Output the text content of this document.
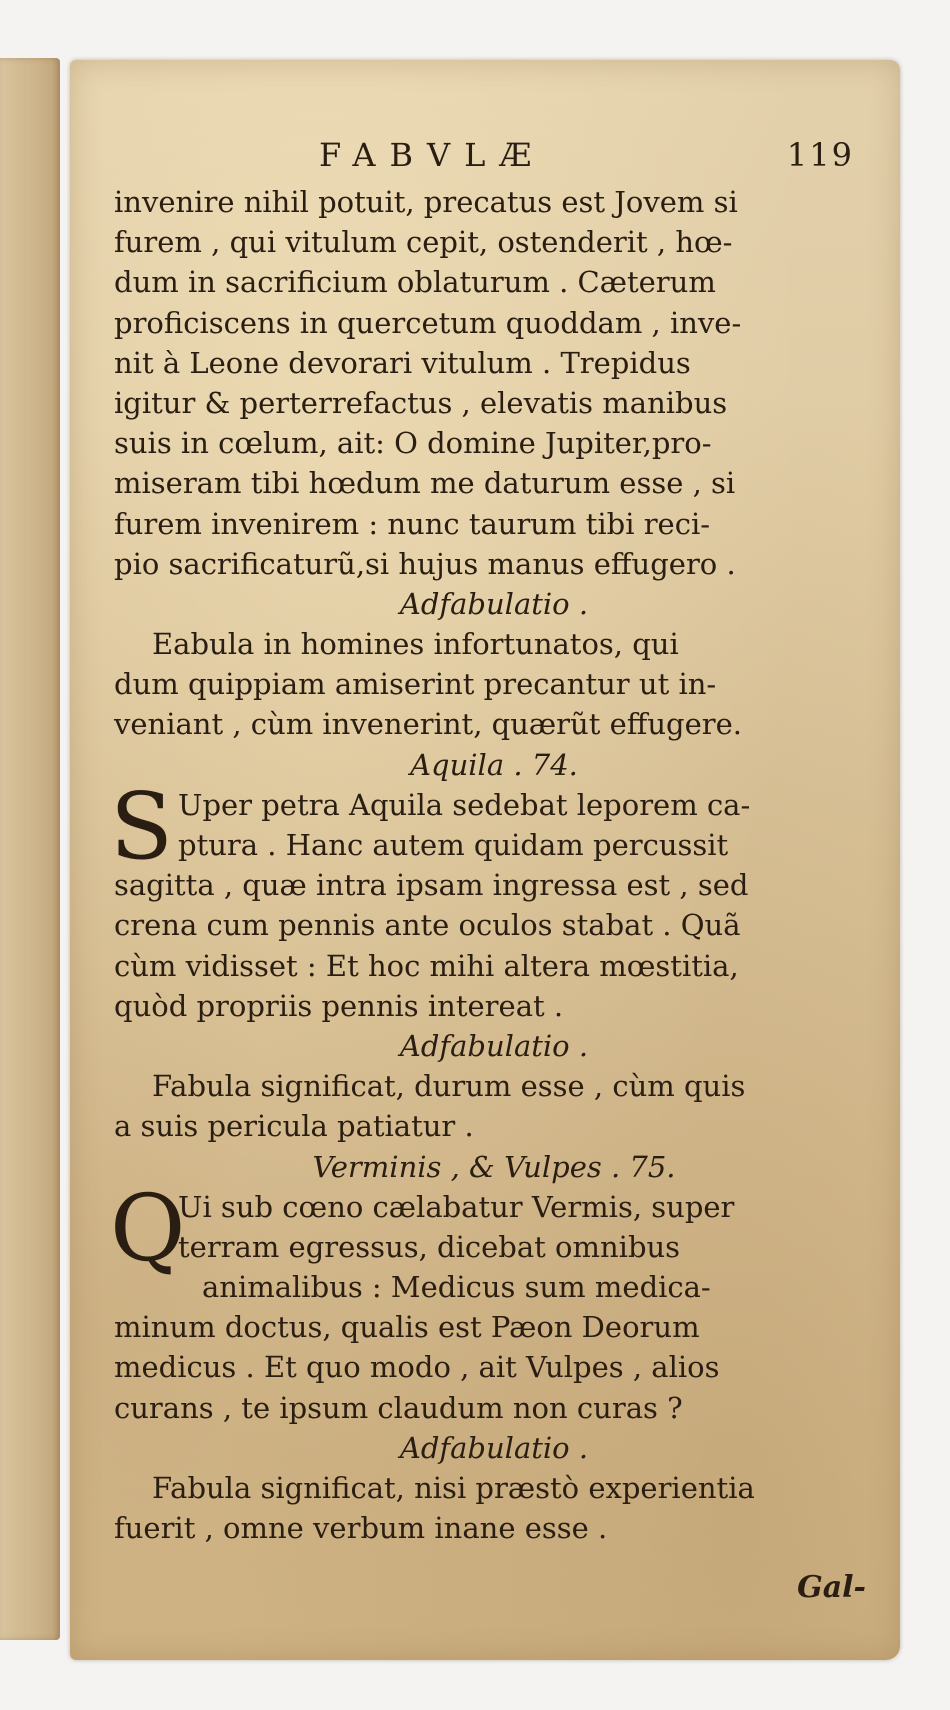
FABVLÆ	119
invenire nihil potuit, precatus est Jovem si
furem , qui vitulum cepit, ostenderit , hœ-
dum in sacrificium oblaturum . Cæterum
proficiscens in quercetum quoddam , inve-
nit à Leone devorari vitulum . Trepidus
igitur & perterrefactus , elevatis manibus
suis in cœlum, ait: O domine Jupiter,pro-
miseram tibi hœdum me daturum esse , si
furem invenirem : nunc taurum tibi reci-
pio sacrificaturũ,si hujus manus effugero .
Adfabulatio .
Eabula in homines infortunatos, qui
dum quippiam amiserint precantur ut in-
veniant , cùm invenerint, quærũt effugere.
Aquila . 74.
S Uper petra Aquila sedebat leporem ca-
ptura . Hanc autem quidam percussit
sagitta , quæ intra ipsam ingressa est , sed
crena cum pennis ante oculos stabat . Quã
cùm vidisset : Et hoc mihi altera mœstitia,
quòd propriis pennis intereat .
Adfabulatio .
Fabula significat, durum esse , cùm quis
a suis pericula patiatur .
Verminis , & Vulpes . 75.
Q
Ui sub cœno cælabatur Vermis, super
terram egressus, dicebat omnibus
animalibus : Medicus sum medica-
minum doctus, qualis est Pæon Deorum
medicus . Et quo modo , ait Vulpes , alios
curans , te ipsum claudum non curas ?
Adfabulatio .
Fabula significat, nisi præstò experientia
fuerit , omne verbum inane esse .
Gal-
